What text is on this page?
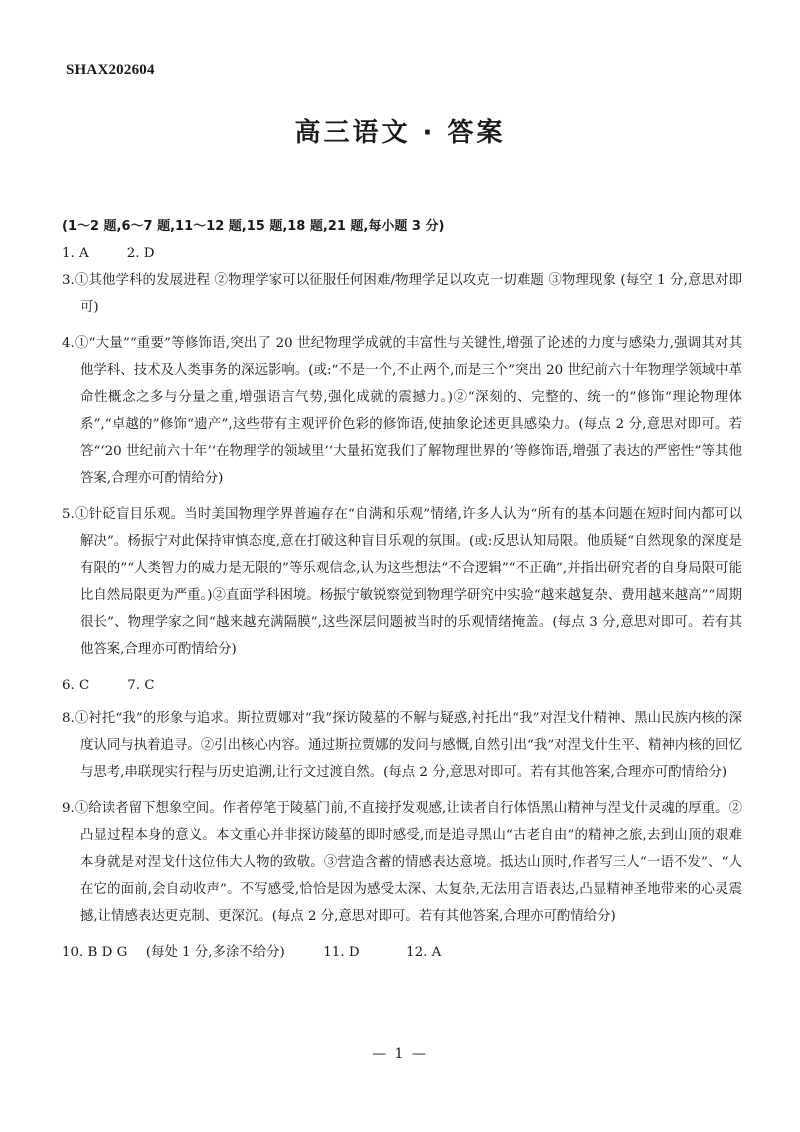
SHAX202604
高三语文 · 答案

(1～2 题,6～7 题,11～12 题,15 题,18 题,21 题,每小题 3 分)

1. A	2. D

3.①其他学科的发展进程 ②物理学家可以征服任何困难/物理学足以攻克一切难题 ③物理现象 (每空 1 分,意思对即可)

4.①“大量”“重要”等修饰语,突出了 20 世纪物理学成就的丰富性与关键性,增强了论述的力度与感染力,强调其对其他学科、技术及人类事务的深远影响。(或:“不是一个,不止两个,而是三个”突出 20 世纪前六十年物理学领域中革命性概念之多与分量之重,增强语言气势,强化成就的震撼力。)②“深刻的、完整的、统一的”修饰“理论物理体系”,“卓越的”修饰“遗产”,这些带有主观评价色彩的修饰语,使抽象论述更具感染力。(每点 2 分,意思对即可。若答“‘20 世纪前六十年’‘在物理学的领域里’‘大量拓宽我们了解物理世界的’等修饰语,增强了表达的严密性”等其他答案,合理亦可酌情给分)

5.①针砭盲目乐观。当时美国物理学界普遍存在“自满和乐观”情绪,许多人认为“所有的基本问题在短时间内都可以解决”。杨振宁对此保持审慎态度,意在打破这种盲目乐观的氛围。(或:反思认知局限。他质疑“自然现象的深度是有限的”“人类智力的威力是无限的”等乐观信念,认为这些想法“不合逻辑”“不正确”,并指出研究者的自身局限可能比自然局限更为严重。)②直面学科困境。杨振宁敏锐察觉到物理学研究中实验“越来越复杂、费用越来越高”“周期很长”、物理学家之间“越来越充满隔膜”,这些深层问题被当时的乐观情绪掩盖。(每点 3 分,意思对即可。若有其他答案,合理亦可酌情给分)

6. C	7. C

8.①衬托“我”的形象与追求。斯拉贾娜对“我”探访陵墓的不解与疑惑,衬托出“我”对涅戈什精神、黑山民族内核的深度认同与执着追寻。②引出核心内容。通过斯拉贾娜的发问与感慨,自然引出“我”对涅戈什生平、精神内核的回忆与思考,串联现实行程与历史追溯,让行文过渡自然。(每点 2 分,意思对即可。若有其他答案,合理亦可酌情给分)

9.①给读者留下想象空间。作者停笔于陵墓门前,不直接抒发观感,让读者自行体悟黑山精神与涅戈什灵魂的厚重。②凸显过程本身的意义。本文重心并非探访陵墓的即时感受,而是追寻黑山“古老自由”的精神之旅,去到山顶的艰难本身就是对涅戈什这位伟大人物的致敬。③营造含蓄的情感表达意境。抵达山顶时,作者写三人“一语不发”、“人在它的面前,会自动收声”。不写感受,恰恰是因为感受太深、太复杂,无法用言语表达,凸显精神圣地带来的心灵震撼,让情感表达更克制、更深沉。(每点 2 分,意思对即可。若有其他答案,合理亦可酌情给分)

10. B D G (每处 1 分,多涂不给分)	11. D	12. A

— 1 —
